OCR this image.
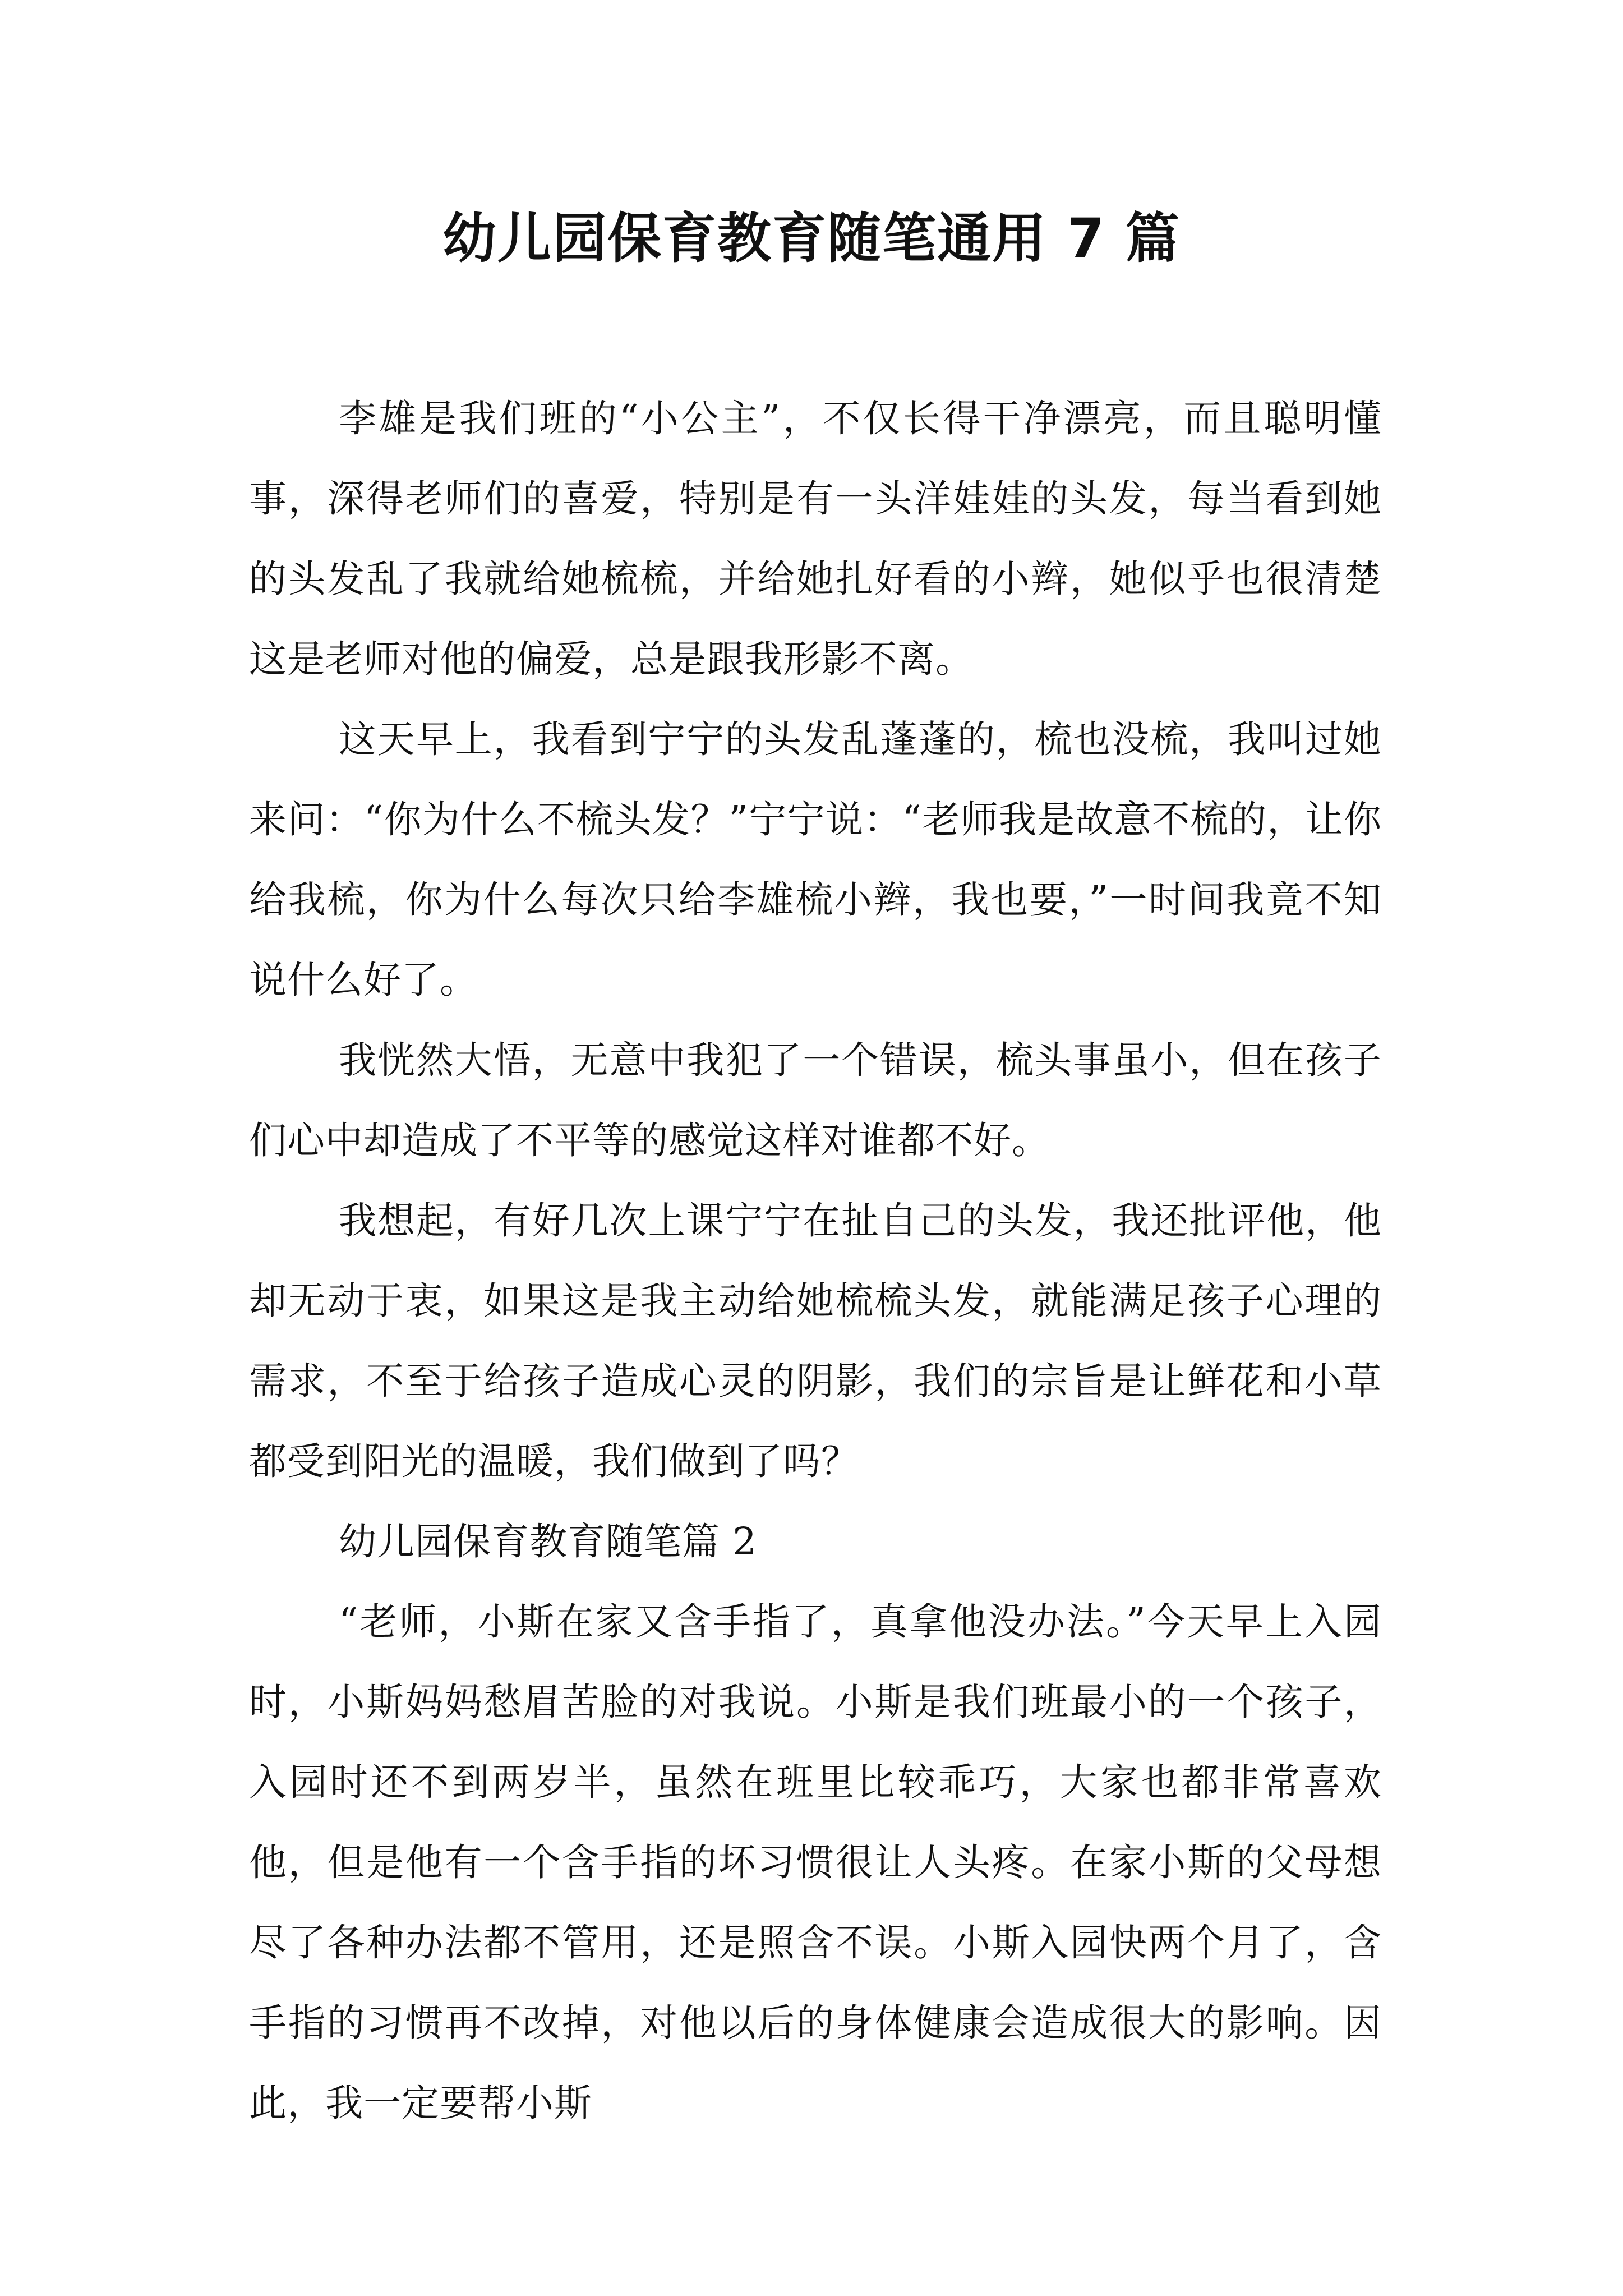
幼儿园保育教育随笔通用 7 篇

李雄是我们班的“小公主”，不仅长得干净漂亮，而且聪明懂事，深得老师们的喜爱，特别是有一头洋娃娃的头发，每当看到她的头发乱了我就给她梳梳，并给她扎好看的小辫，她似乎也很清楚这是老师对他的偏爱，总是跟我形影不离。

这天早上，我看到宁宁的头发乱蓬蓬的，梳也没梳，我叫过她来问：“你为什么不梳头发？”宁宁说：“老师我是故意不梳的，让你给我梳，你为什么每次只给李雄梳小辫，我也要，”一时间我竟不知说什么好了。

我恍然大悟，无意中我犯了一个错误，梳头事虽小，但在孩子们心中却造成了不平等的感觉这样对谁都不好。

我想起，有好几次上课宁宁在扯自己的头发，我还批评他，他却无动于衷，如果这是我主动给她梳梳头发，就能满足孩子心理的需求，不至于给孩子造成心灵的阴影，我们的宗旨是让鲜花和小草都受到阳光的温暖，我们做到了吗？

幼儿园保育教育随笔篇 2

“老师，小斯在家又含手指了，真拿他没办法。”今天早上入园时，小斯妈妈愁眉苦脸的对我说。小斯是我们班最小的一个孩子，入园时还不到两岁半，虽然在班里比较乖巧，大家也都非常喜欢他，但是他有一个含手指的坏习惯很让人头疼。在家小斯的父母想尽了各种办法都不管用，还是照含不误。小斯入园快两个月了，含手指的习惯再不改掉，对他以后的身体健康会造成很大的影响。因此，我一定要帮小斯
